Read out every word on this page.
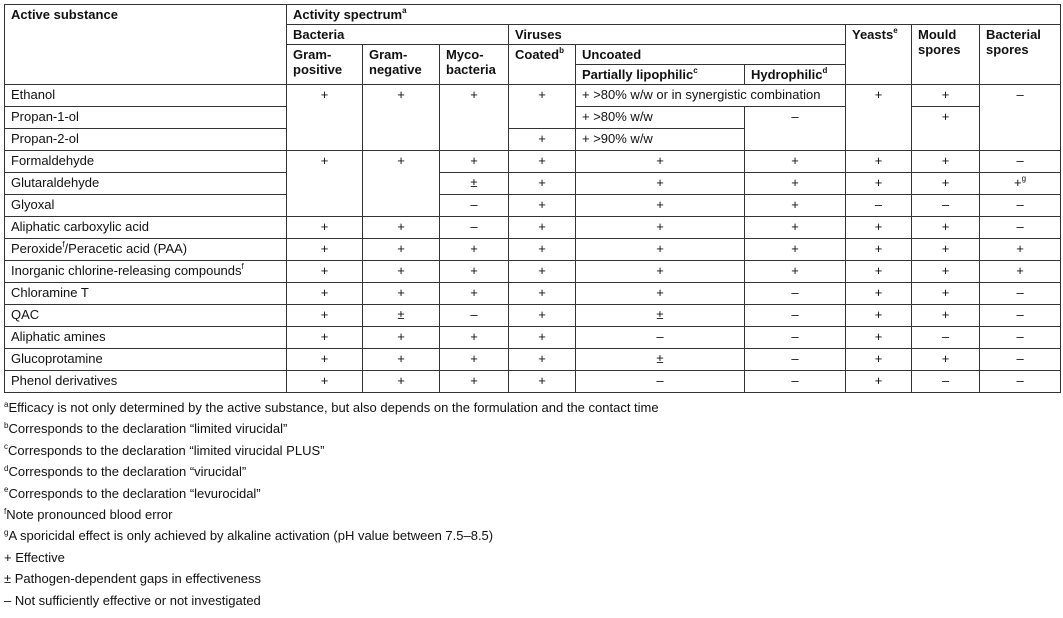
Active substance	Activity spectrum$^a$
	Bacteria			Viruses			Yeasts$^e$	Mould spores	Bacterial spores
	Gram-positive	Gram-negative	Myco-bacteria	Coated$^b$	Uncoated				
					Partially lipophilic$^c$	Hydrophilic$^d$
Ethanol	+	+	+	+	+ >80% w/w or in synergistic combination		+	+	–
Propan-1-ol					+ >80% w/w	–		+	
Propan-2-ol				+	+ >90% w/w				
Formaldehyde	+	+	+	+	+	+	+	+	–
Glutaraldehyde			±	+	+	+	+	+	+$^g$
Glyoxal			–	+	+	+	–	–	–
Aliphatic carboxylic acid	+	+	–	+	+	+	+	+	–
Peroxide$^f$/Peracetic acid (PAA)	+	+	+	+	+	+	+	+	+
Inorganic chlorine-releasing compounds$^f$	+	+	+	+	+	+	+	+	+
Chloramine T	+	+	+	+	+	–	+	+	–
QAC	+	±	–	+	±	–	+	+	–
Aliphatic amines	+	+	+	+	–	–	+	–	–
Glucoprotamine	+	+	+	+	±	–	+	+	–
Phenol derivatives	+	+	+	+	–	–	+	–	–
$^a$Efficacy is not only determined by the active substance, but also depends on the formulation and the contact time
$^b$Corresponds to the declaration “limited virucidal”
$^c$Corresponds to the declaration “limited virucidal PLUS”
$^d$Corresponds to the declaration “virucidal”
$^e$Corresponds to the declaration “levurocidal”
$^f$Note pronounced blood error
$^g$A sporicidal effect is only achieved by alkaline activation (pH value between 7.5–8.5)
+ Effective
± Pathogen-dependent gaps in effectiveness
– Not sufficiently effective or not investigated
